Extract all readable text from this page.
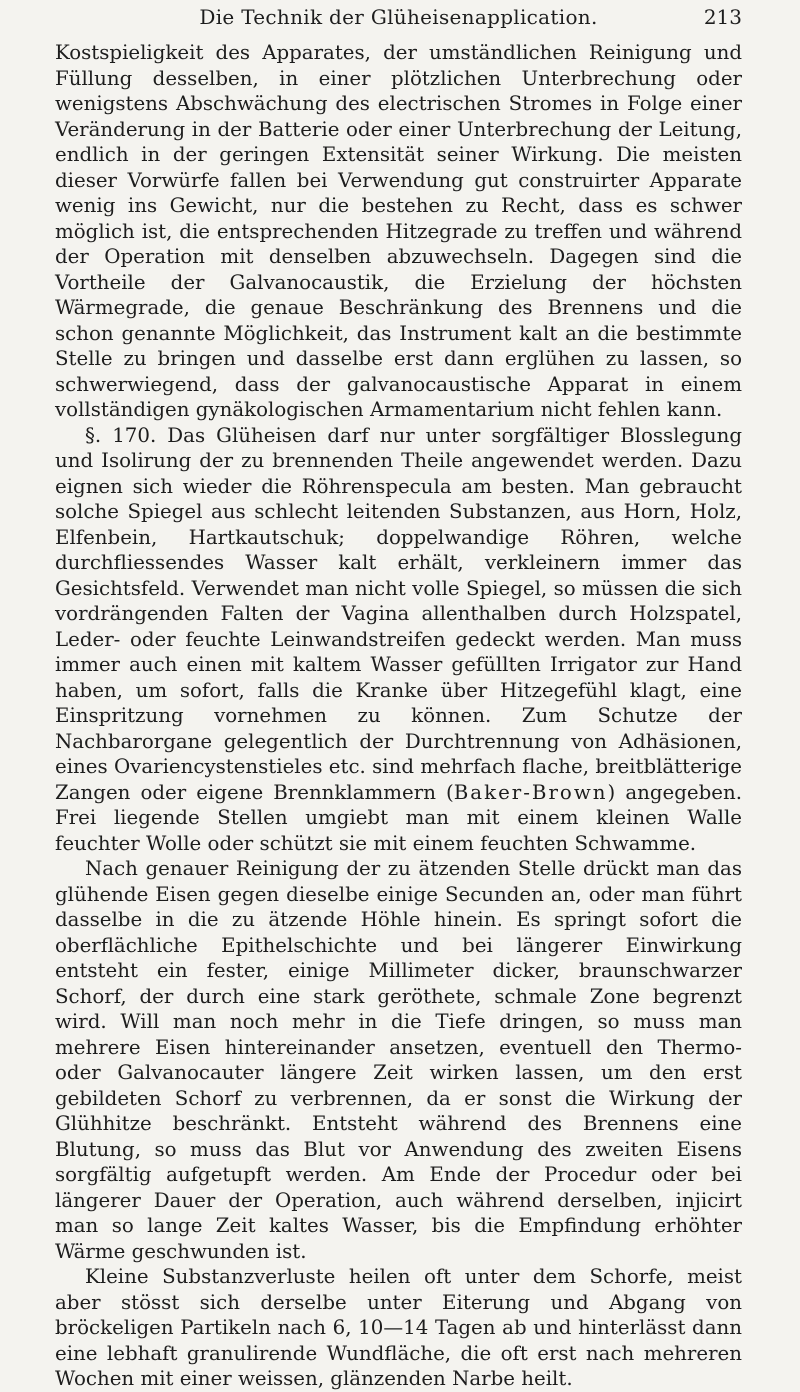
Die Technik der Glüheisenapplication.	213

Kostspieligkeit des Apparates, der umständlichen Reinigung und Füllung desselben, in einer plötzlichen Unterbrechung oder wenigstens Abschwächung des electrischen Stromes in Folge einer Veränderung in der Batterie oder einer Unterbrechung der Leitung, endlich in der geringen Extensität seiner Wirkung. Die meisten dieser Vorwürfe fallen bei Verwendung gut construirter Apparate wenig ins Gewicht, nur die bestehen zu Recht, dass es schwer möglich ist, die entsprechenden Hitzegrade zu treffen und während der Operation mit denselben abzuwechseln. Dagegen sind die Vortheile der Galvanocaustik, die Erzielung der höchsten Wärmegrade, die genaue Beschränkung des Brennens und die schon genannte Möglichkeit, das Instrument kalt an die bestimmte Stelle zu bringen und dasselbe erst dann erglühen zu lassen, so schwerwiegend, dass der galvanocaustische Apparat in einem vollständigen gynäkologischen Armamentarium nicht fehlen kann.

§. 170. Das Glüheisen darf nur unter sorgfältiger Blosslegung und Isolirung der zu brennenden Theile angewendet werden. Dazu eignen sich wieder die Röhrenspecula am besten. Man gebraucht solche Spiegel aus schlecht leitenden Substanzen, aus Horn, Holz, Elfenbein, Hartkautschuk; doppelwandige Röhren, welche durchfliessendes Wasser kalt erhält, verkleinern immer das Gesichtsfeld. Verwendet man nicht volle Spiegel, so müssen die sich vordrängenden Falten der Vagina allenthalben durch Holzspatel, Leder- oder feuchte Leinwandstreifen gedeckt werden. Man muss immer auch einen mit kaltem Wasser gefüllten Irrigator zur Hand haben, um sofort, falls die Kranke über Hitzegefühl klagt, eine Einspritzung vornehmen zu können. Zum Schutze der Nachbarorgane gelegentlich der Durchtrennung von Adhäsionen, eines Ovariencystenstieles etc. sind mehrfach flache, breitblätterige Zangen oder eigene Brennklammern (Baker-Brown) angegeben. Frei liegende Stellen umgiebt man mit einem kleinen Walle feuchter Wolle oder schützt sie mit einem feuchten Schwamme.

Nach genauer Reinigung der zu ätzenden Stelle drückt man das glühende Eisen gegen dieselbe einige Secunden an, oder man führt dasselbe in die zu ätzende Höhle hinein. Es springt sofort die oberflächliche Epithelschichte und bei längerer Einwirkung entsteht ein fester, einige Millimeter dicker, braunschwarzer Schorf, der durch eine stark geröthete, schmale Zone begrenzt wird. Will man noch mehr in die Tiefe dringen, so muss man mehrere Eisen hintereinander ansetzen, eventuell den Thermo- oder Galvanocauter längere Zeit wirken lassen, um den erst gebildeten Schorf zu verbrennen, da er sonst die Wirkung der Glühhitze beschränkt. Entsteht während des Brennens eine Blutung, so muss das Blut vor Anwendung des zweiten Eisens sorgfältig aufgetupft werden. Am Ende der Procedur oder bei längerer Dauer der Operation, auch während derselben, injicirt man so lange Zeit kaltes Wasser, bis die Empfindung erhöhter Wärme geschwunden ist.

Kleine Substanzverluste heilen oft unter dem Schorfe, meist aber stösst sich derselbe unter Eiterung und Abgang von bröckeligen Partikeln nach 6, 10—14 Tagen ab und hinterlässt dann eine lebhaft granulirende Wundfläche, die oft erst nach mehreren Wochen mit einer weissen, glänzenden Narbe heilt.
